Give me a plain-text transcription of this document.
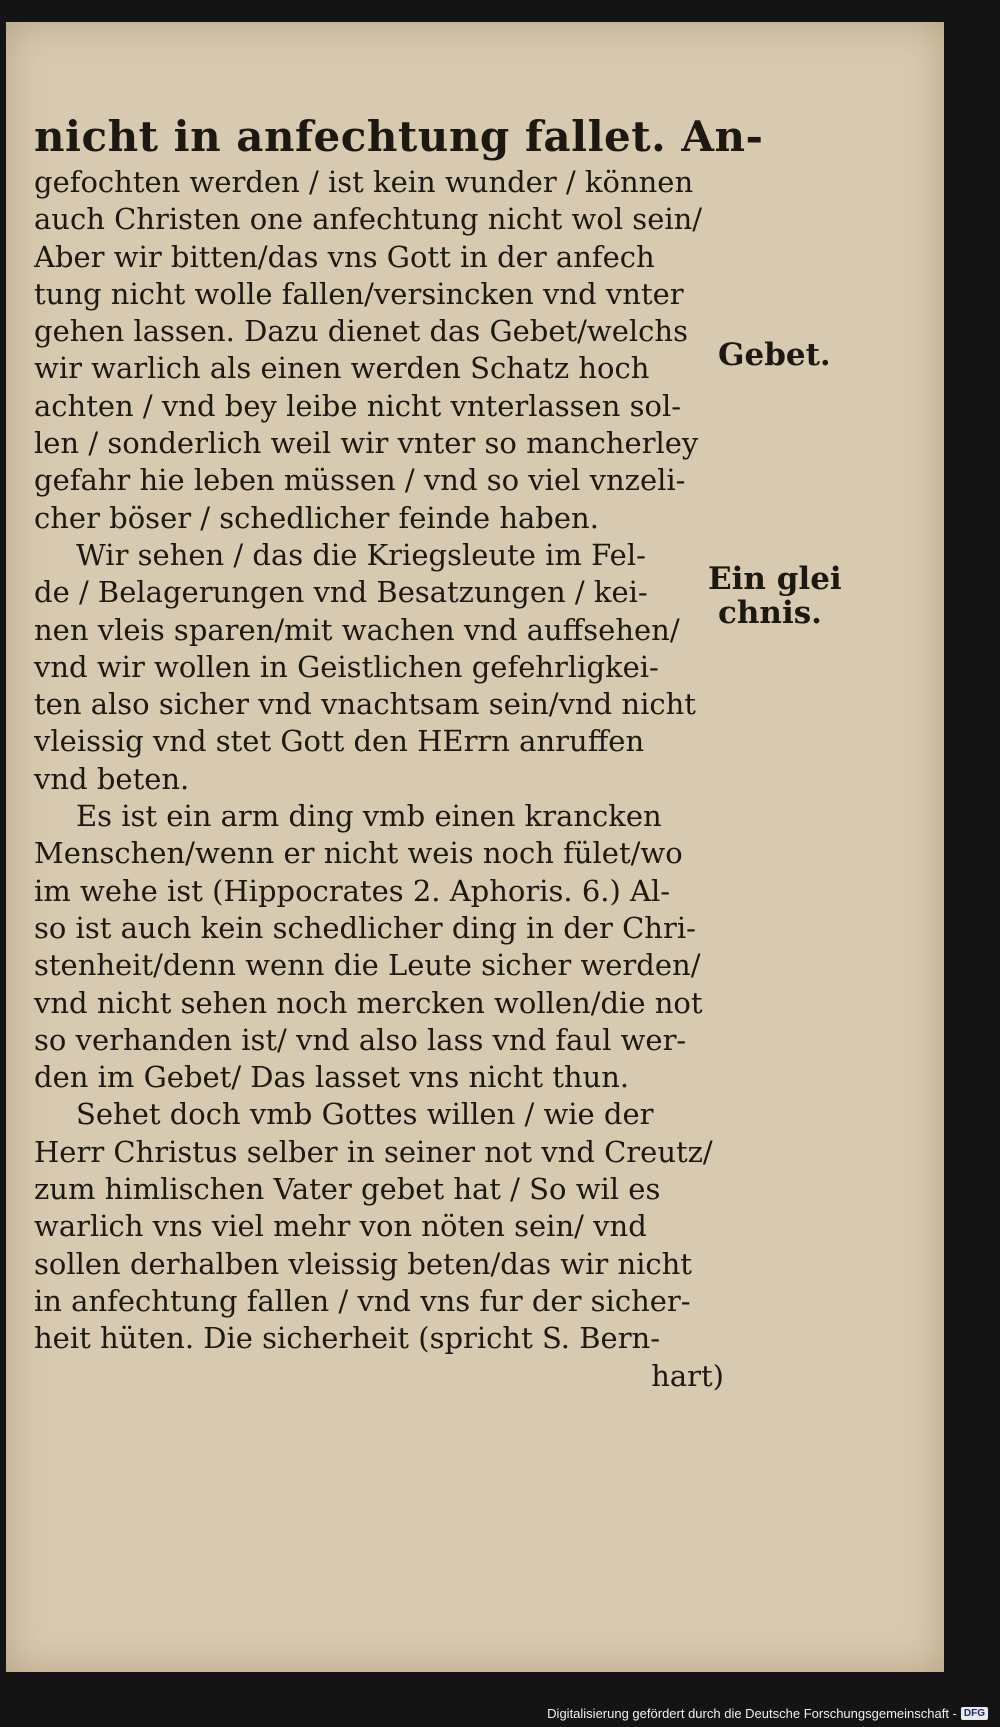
nicht in anfechtung fallet. An-
gefochten werden / ist kein wunder / können
auch Christen one anfechtung nicht wol sein/
Aber wir bitten/das vns Gott in der anfech
tung nicht wolle fallen/versincken vnd vnter
gehen lassen. Dazu dienet das Gebet/welchs
wir warlich als einen werden Schatz hoch
achten / vnd bey leibe nicht vnterlassen sol-
len / sonderlich weil wir vnter so mancherley
gefahr hie leben müssen / vnd so viel vnzeli-
cher böser / schedlicher feinde haben.
Wir sehen / das die Kriegsleute im Fel-
de / Belagerungen vnd Besatzungen / kei-
nen vleis sparen/mit wachen vnd auffsehen/
vnd wir wollen in Geistlichen gefehrligkei-
ten also sicher vnd vnachtsam sein/vnd nicht
vleissig vnd stet Gott den HErrn anruffen
vnd beten.
Es ist ein arm ding vmb einen krancken
Menschen/wenn er nicht weis noch fület/wo
im wehe ist (Hippocrates 2. Aphoris. 6.) Al-
so ist auch kein schedlicher ding in der Chri-
stenheit/denn wenn die Leute sicher werden/
vnd nicht sehen noch mercken wollen/die not
so verhanden ist/ vnd also lass vnd faul wer-
den im Gebet/ Das lasset vns nicht thun.
Sehet doch vmb Gottes willen / wie der
Herr Christus selber in seiner not vnd Creutz/
zum himlischen Vater gebet hat / So wil es
warlich vns viel mehr von nöten sein/ vnd
sollen derhalben vleissig beten/das wir nicht
in anfechtung fallen / vnd vns fur der sicher-
heit hüten. Die sicherheit (spricht S. Bern-
hart)
Gebet.
Ein glei
chnis.
Digitalisierung gefördert durch die Deutsche Forschungsgemeinschaft - DFG
